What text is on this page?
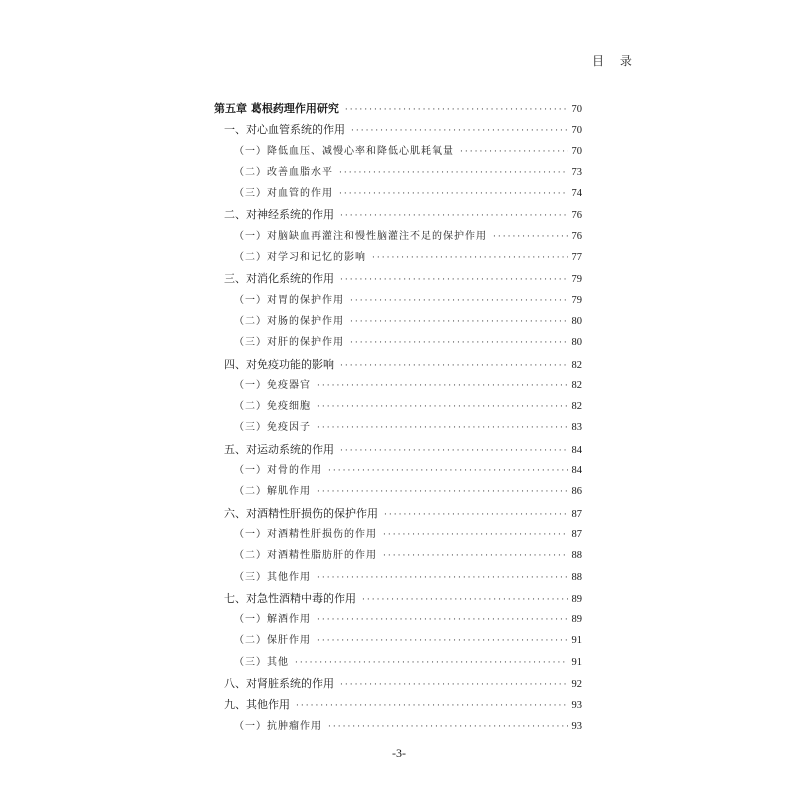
目 录
第五章 葛根药理作用研究 ·····	70
一、对心血管系统的作用 ·····	70
（一）降低血压、减慢心率和降低心肌耗氧量 ·····	70
（二）改善血脂水平 ·····	73
（三）对血管的作用 ·····	74
二、对神经系统的作用 ·····	76
（一）对脑缺血再灌注和慢性脑灌注不足的保护作用 ·····	76
（二）对学习和记忆的影响 ·····	77
三、对消化系统的作用 ·····	79
（一）对胃的保护作用 ·····	79
（二）对肠的保护作用 ·····	80
（三）对肝的保护作用 ·····	80
四、对免疫功能的影响 ·····	82
（一）免疫器官 ·····	82
（二）免疫细胞 ·····	82
（三）免疫因子 ·····	83
五、对运动系统的作用 ·····	84
（一）对骨的作用 ·····	84
（二）解肌作用 ·····	86
六、对酒精性肝损伤的保护作用 ·····	87
（一）对酒精性肝损伤的作用 ·····	87
（二）对酒精性脂肪肝的作用 ·····	88
（三）其他作用 ·····	88
七、对急性酒精中毒的作用 ·····	89
（一）解酒作用 ·····	89
（二）保肝作用 ·····	91
（三）其他 ·····	91
八、对肾脏系统的作用 ·····	92
九、其他作用 ·····	93
（一）抗肿瘤作用 ·····	93
-3-
